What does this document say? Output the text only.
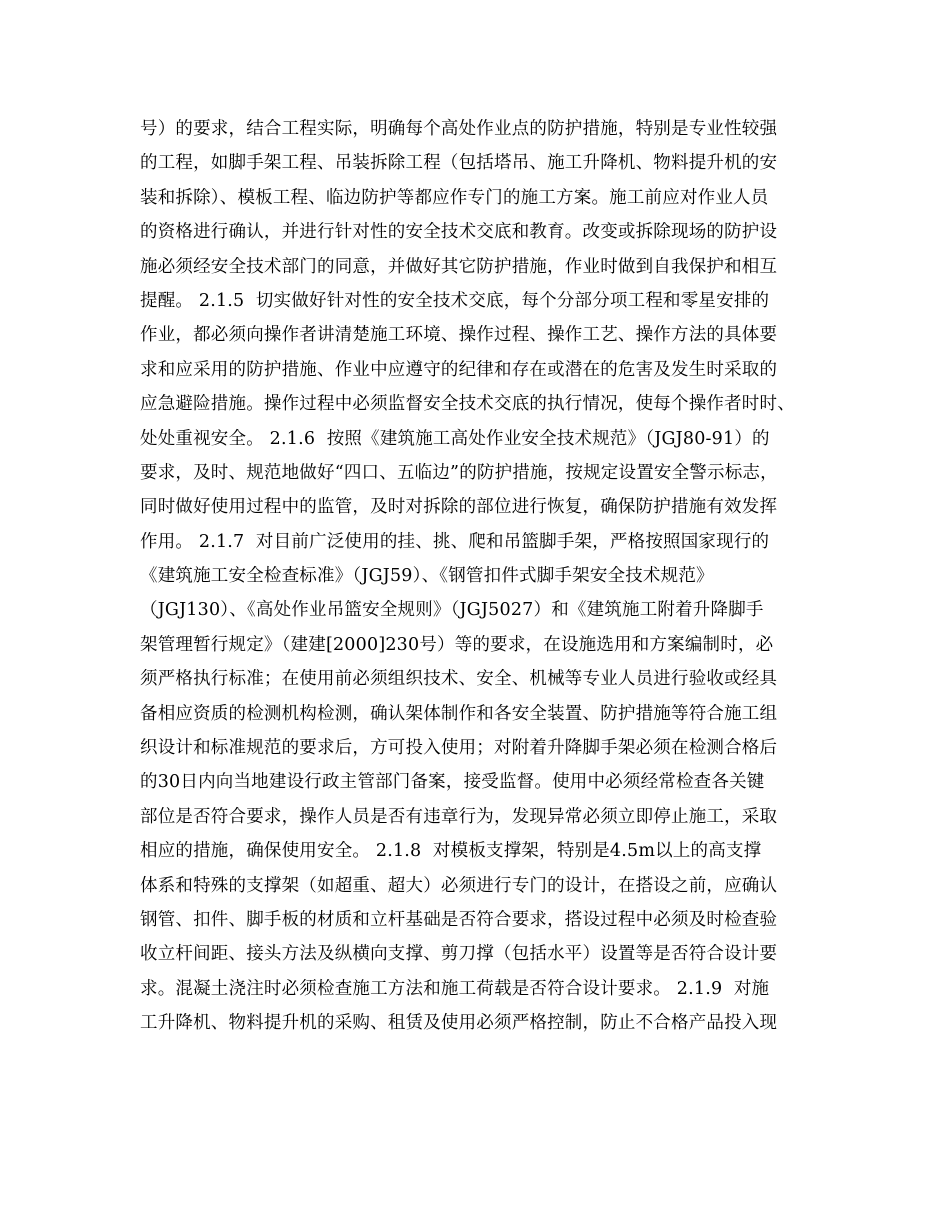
号）的要求，结合工程实际，明确每个高处作业点的防护措施，特别是专业性较强
的工程，如脚手架工程、吊装拆除工程（包括塔吊、施工升降机、物料提升机的安
装和拆除）、模板工程、临边防护等都应作专门的施工方案。施工前应对作业人员
的资格进行确认，并进行针对性的安全技术交底和教育。改变或拆除现场的防护设
施必须经安全技术部门的同意，并做好其它防护措施，作业时做到自我保护和相互
提醒。 2.1.5  切实做好针对性的安全技术交底，每个分部分项工程和零星安排的
作业，都必须向操作者讲清楚施工环境、操作过程、操作工艺、操作方法的具体要
求和应采用的防护措施、作业中应遵守的纪律和存在或潜在的危害及发生时采取的
应急避险措施。操作过程中必须监督安全技术交底的执行情况，使每个操作者时时、
处处重视安全。 2.1.6  按照《建筑施工高处作业安全技术规范》（JGJ80-91）的
要求，及时、规范地做好“四口、五临边”的防护措施，按规定设置安全警示标志，
同时做好使用过程中的监管，及时对拆除的部位进行恢复，确保防护措施有效发挥
作用。 2.1.7  对目前广泛使用的挂、挑、爬和吊篮脚手架，严格按照国家现行的
《建筑施工安全检查标准》（JGJ59）、《钢管扣件式脚手架安全技术规范》
（JGJ130）、《高处作业吊篮安全规则》（JGJ5027）和《建筑施工附着升降脚手
架管理暂行规定》（建建[2000]230号）等的要求，在设施选用和方案编制时，必
须严格执行标准；在使用前必须组织技术、安全、机械等专业人员进行验收或经具
备相应资质的检测机构检测，确认架体制作和各安全装置、防护措施等符合施工组
织设计和标准规范的要求后，方可投入使用；对附着升降脚手架必须在检测合格后
的30日内向当地建设行政主管部门备案，接受监督。使用中必须经常检查各关键
部位是否符合要求，操作人员是否有违章行为，发现异常必须立即停止施工，采取
相应的措施，确保使用安全。 2.1.8  对模板支撑架，特别是4.5m以上的高支撑
体系和特殊的支撑架（如超重、超大）必须进行专门的设计，在搭设之前，应确认
钢管、扣件、脚手板的材质和立杆基础是否符合要求，搭设过程中必须及时检查验
收立杆间距、接头方法及纵横向支撑、剪刀撑（包括水平）设置等是否符合设计要
求。混凝土浇注时必须检查施工方法和施工荷载是否符合设计要求。 2.1.9  对施
工升降机、物料提升机的采购、租赁及使用必须严格控制，防止不合格产品投入现
